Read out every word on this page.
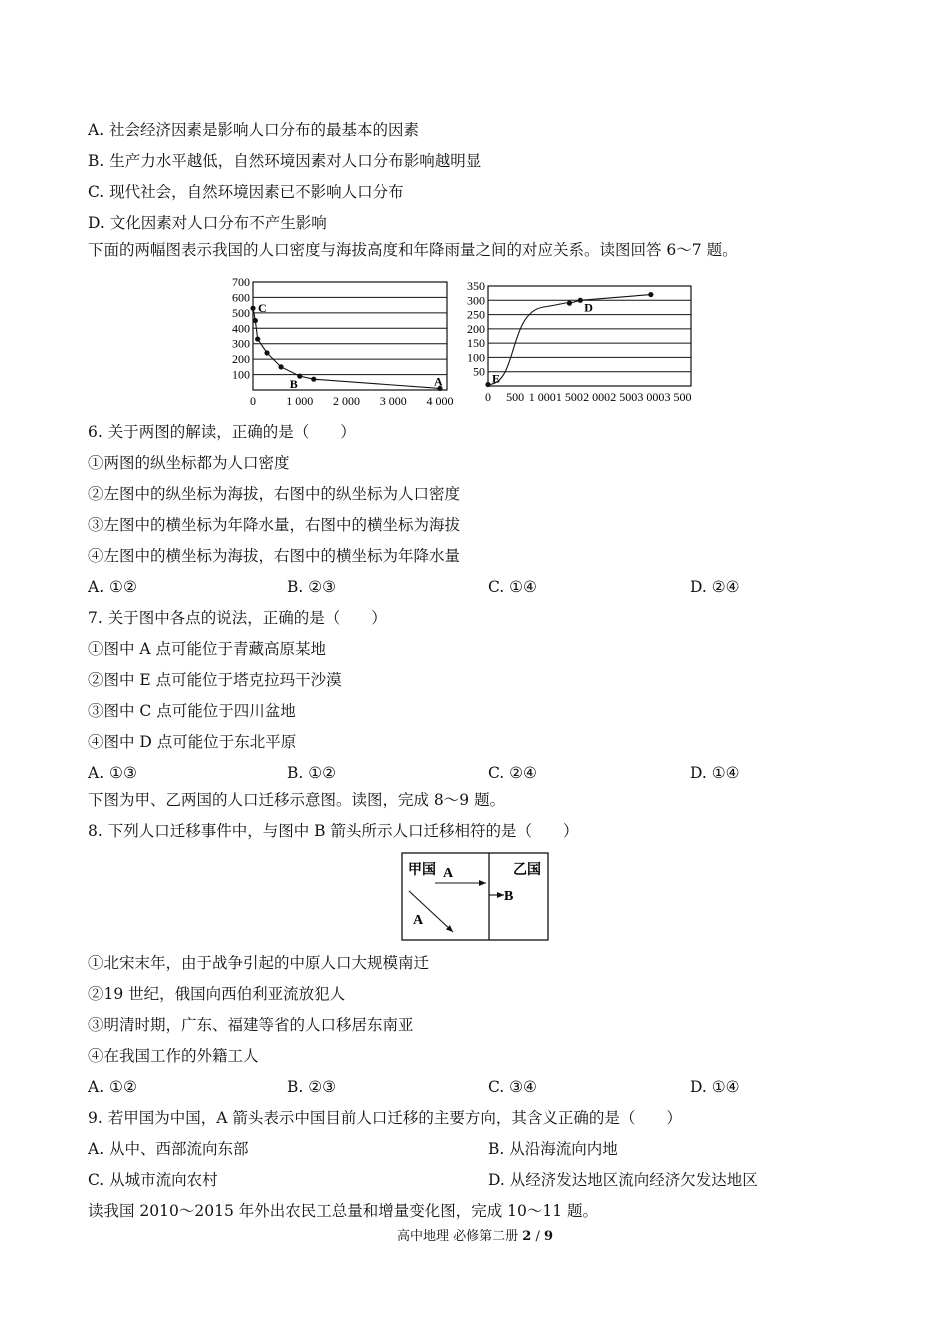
A. 社会经济因素是影响人口分布的最基本的因素
B. 生产力水平越低，自然环境因素对人口分布影响越明显
C. 现代社会，自然环境因素已不影响人口分布
D. 文化因素对人口分布不产生影响
下面的两幅图表示我国的人口密度与海拔高度和年降雨量之间的对应关系。读图回答 6～7 题。
100
200
300
400
500
600
700
0	1 000 2 000 3 000 4 000
C
B	A
50
100
150
200
250
300
350
0 500 1 000 1 500 2 000 2 500 3 000 3 500
E
D
6. 关于两图的解读，正确的是（　　）
①两图的纵坐标都为人口密度
②左图中的纵坐标为海拔，右图中的纵坐标为人口密度
③左图中的横坐标为年降水量，右图中的横坐标为海拔
④左图中的横坐标为海拔，右图中的横坐标为年降水量
A. ①②	B. ②③	C. ①④	D. ②④
7. 关于图中各点的说法，正确的是（　　）
①图中 A 点可能位于青藏高原某地
②图中 E 点可能位于塔克拉玛干沙漠
③图中 C 点可能位于四川盆地
④图中 D 点可能位于东北平原
A. ①③	B. ①②	C. ②④	D. ①④
下图为甲、乙两国的人口迁移示意图。读图，完成 8～9 题。
8. 下列人口迁移事件中，与图中 B 箭头所示人口迁移相符的是（　　）
甲国	乙国
A
B
A
①北宋末年，由于战争引起的中原人口大规模南迁
②19 世纪，俄国向西伯利亚流放犯人
③明清时期，广东、福建等省的人口移居东南亚
④在我国工作的外籍工人
A. ①②	B. ②③	C. ③④	D. ①④
9. 若甲国为中国，A 箭头表示中国目前人口迁移的主要方向，其含义正确的是（　　）
A. 从中、西部流向东部	B. 从沿海流向内地
C. 从城市流向农村	D. 从经济发达地区流向经济欠发达地区
读我国 2010～2015 年外出农民工总量和增量变化图，完成 10～11 题。
高中地理 必修第二册 2 / 9
